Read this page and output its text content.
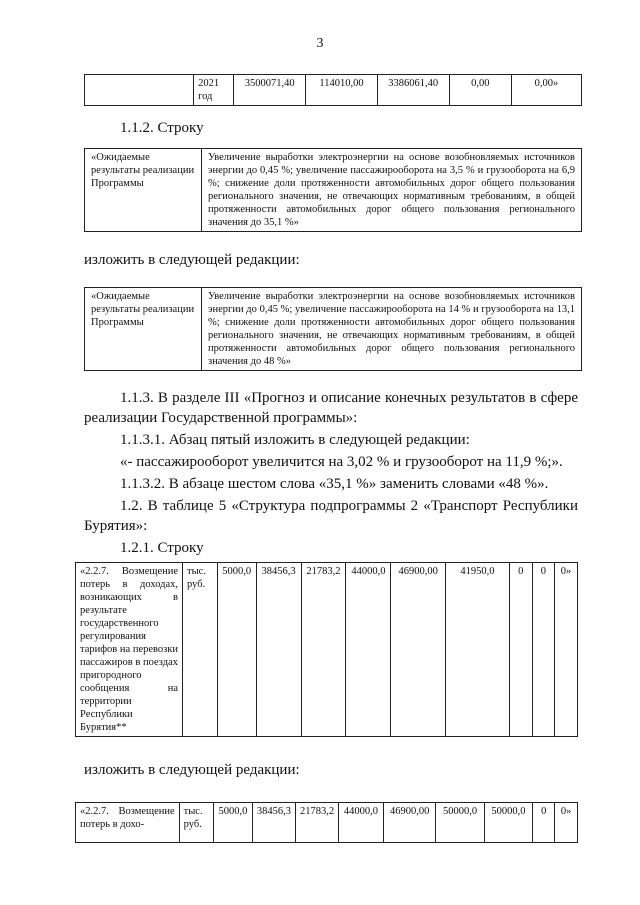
3
	2021 год	3500071,40	114010,00	3386061,40	0,00	0,00»
1.1.2. Строку
«Ожидаемые результаты реализации Программы	Увеличение выработки электроэнергии на основе возобновляемых источников энергии до 0,45 %; увеличение пассажирооборота на 3,5 % и грузооборота на 6,9 %; снижение доли протяженности автомобильных дорог общего пользования регионального значения, не отвечающих нормативным требованиям, в общей протяженности автомобильных дорог общего пользования регионального значения до 35,1 %»
изложить в следующей редакции:
«Ожидаемые результаты реализации Программы	Увеличение выработки электроэнергии на основе возобновляемых источников энергии до 0,45 %; увеличение пассажирооборота на 14 % и грузооборота на 13,1 %; снижение доли протяженности автомобильных дорог общего пользования регионального значения, не отвечающих нормативным требованиям, в общей протяженности автомобильных дорог общего пользования регионального значения до 48 %»
1.1.3. В разделе III «Прогноз и описание конечных результатов в сфере реализации Государственной программы»:
1.1.3.1. Абзац пятый изложить в следующей редакции:
«- пассажирооборот увеличится на 3,02 % и грузооборот на 11,9 %;».
1.1.3.2. В абзаце шестом слова «35,1 %» заменить словами «48 %».
1.2. В таблице 5 «Структура подпрограммы 2 «Транспорт Республики Бурятия»:
1.2.1. Строку
«2.2.7. Возмещение потерь в доходах, возникающих в результате государственного регулирования тарифов на перевозки пассажиров в поездах пригородного сообщения на территории Республики Бурятия**	тыс. руб.	5000,0	38456,3	21783,2	44000,0	46900,00	41950,0	0	0	0»
изложить в следующей редакции:
«2.2.7. Возмещение потерь в дохо-	тыс. руб.	5000,0	38456,3	21783,2	44000,0	46900,00	50000,0	50000,0	0	0»
